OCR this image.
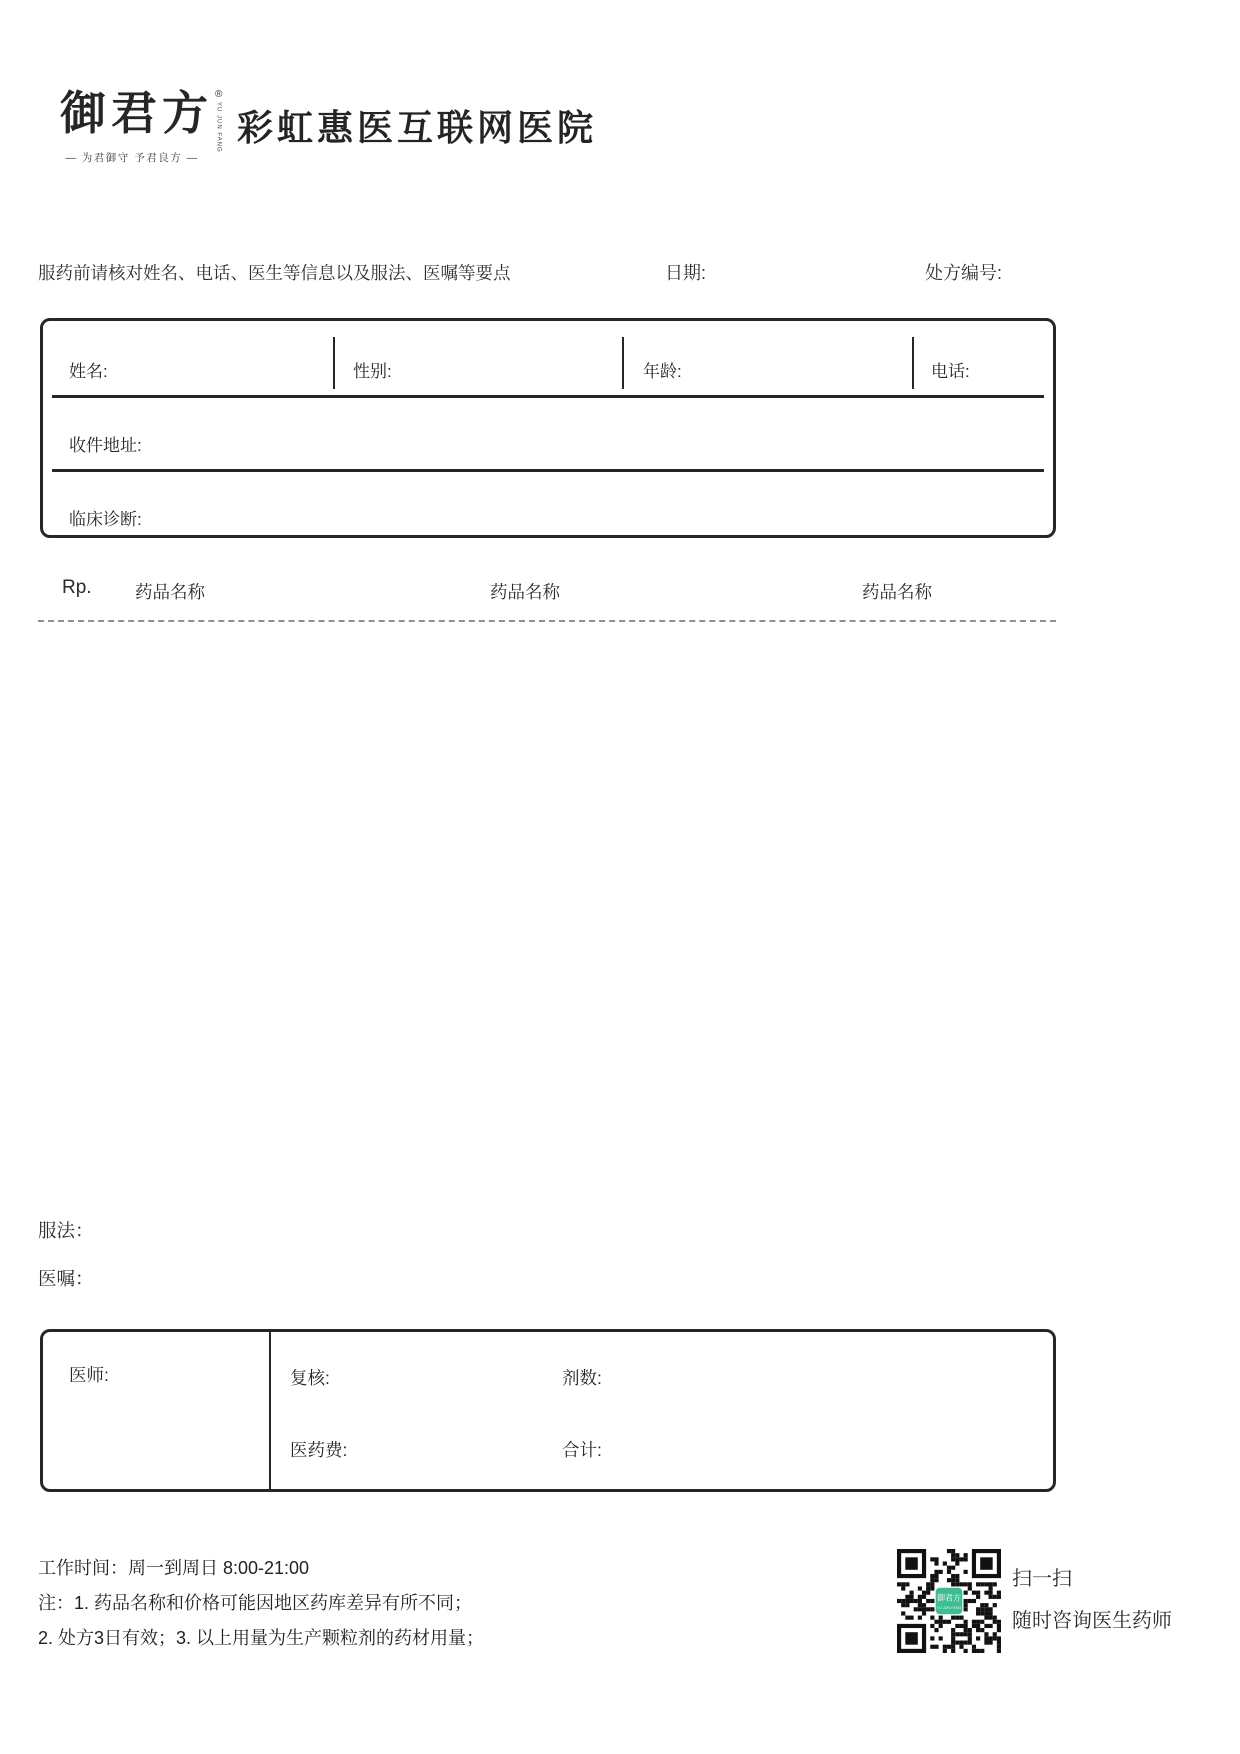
御君方 ®
YU JUN FANG
— 为君御守 予君良方 —
彩虹惠医互联网医院
服药前请核对姓名、电话、医生等信息以及服法、医嘱等要点	日期:	处方编号:
姓名:	性别:	年龄:	电话:
收件地址:
临床诊断:
Rp. 药品名称	药品名称	药品名称
服法：
医嘱：
医师:	复核:	剂数:
医药费:	合计:
工作时间：周一到周日 8:00-21:00
注：1. 药品名称和价格可能因地区药库差异有所不同；
2. 处方3日有效；3. 以上用量为生产颗粒剂的药材用量；
御君方
扫一扫
随时咨询医生药师
